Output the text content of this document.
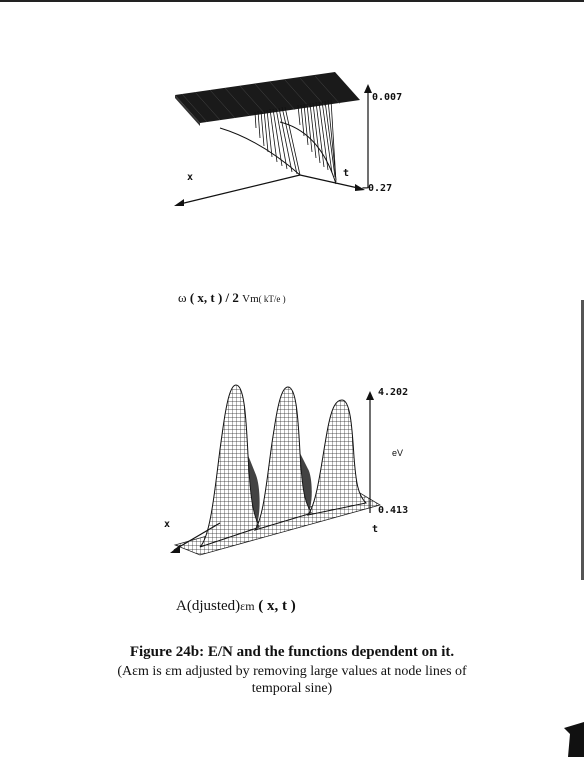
0.007
−0.27
x	t
ω ( x, t ) / 2 Vm( kT/e )
4.202
0.413
eV
x	t
A(djusted)εm ( x, t )
Figure 24b: E/N and the functions dependent on it.
(Aεm is εm adjusted by removing large values at node lines of
temporal sine)
